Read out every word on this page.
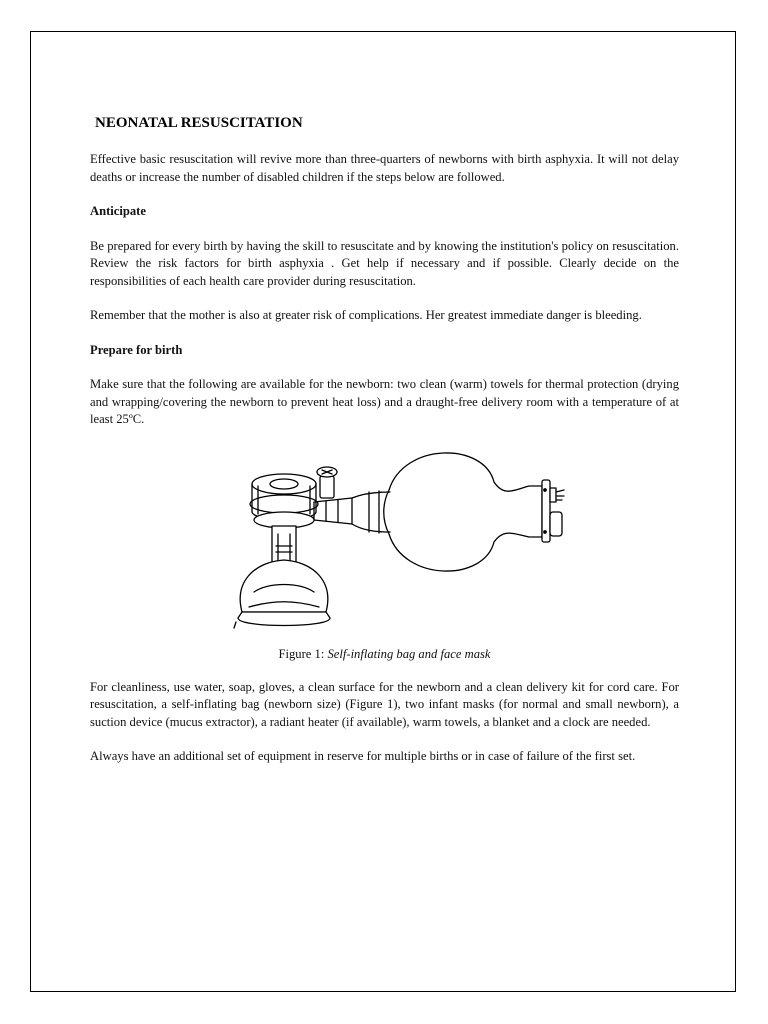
NEONATAL RESUSCITATION

Effective basic resuscitation will revive more than three-quarters of newborns with birth asphyxia. It will not delay deaths or increase the number of disabled children if the steps below are followed.

Anticipate

Be prepared for every birth by having the skill to resuscitate and by knowing the institution's policy on resuscitation. Review the risk factors for birth asphyxia . Get help if necessary and if possible. Clearly decide on the responsibilities of each health care provider during resuscitation.

Remember that the mother is also at greater risk of complications. Her greatest immediate danger is bleeding.

Prepare for birth

Make sure that the following are available for the newborn: two clean (warm) towels for thermal protection (drying and wrapping/covering the newborn to prevent heat loss) and a draught-free delivery room with a temperature of at least 25ºC.

Figure 1: Self-inflating bag and face mask

For cleanliness, use water, soap, gloves, a clean surface for the newborn and a clean delivery kit for cord care. For resuscitation, a self-inflating bag (newborn size) (Figure 1), two infant masks (for normal and small newborn), a suction device (mucus extractor), a radiant heater (if available), warm towels, a blanket and a clock are needed.

Always have an additional set of equipment in reserve for multiple births or in case of failure of the first set.
